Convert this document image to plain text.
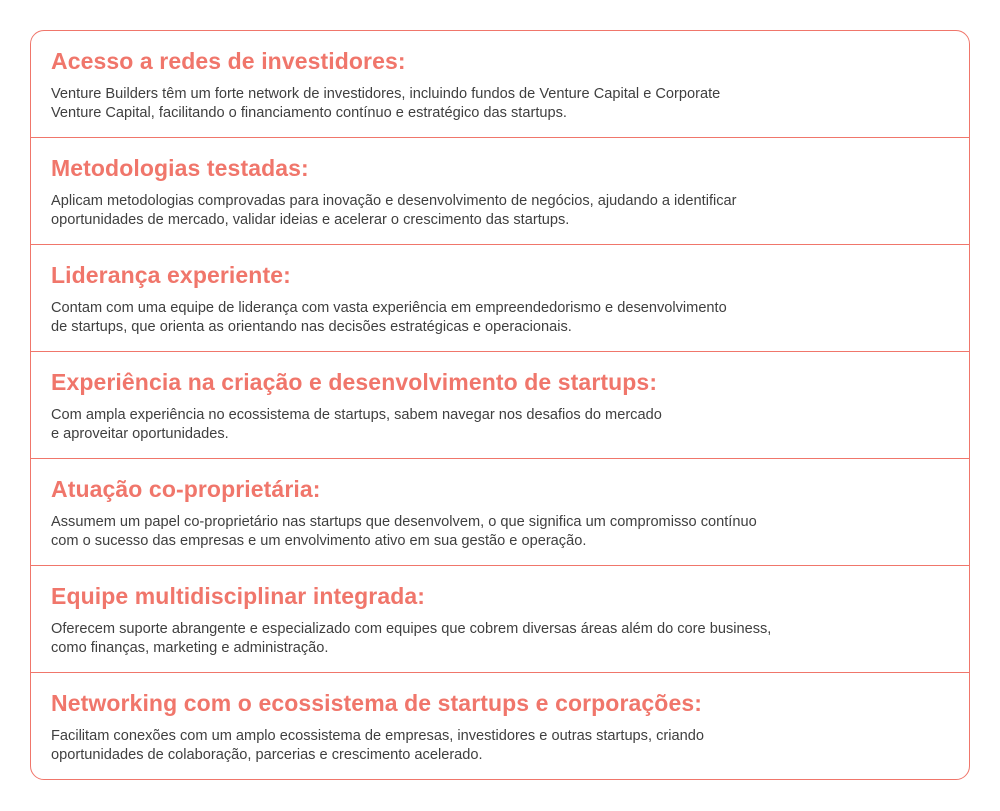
Acesso a redes de investidores:

Venture Builders têm um forte network de investidores, incluindo fundos de Venture Capital e Corporate
Venture Capital, facilitando o financiamento contínuo e estratégico das startups.

Metodologias testadas:

Aplicam metodologias comprovadas para inovação e desenvolvimento de negócios, ajudando a identificar
oportunidades de mercado, validar ideias e acelerar o crescimento das startups.

Liderança experiente:

Contam com uma equipe de liderança com vasta experiência em empreendedorismo e desenvolvimento
de startups, que orienta as orientando nas decisões estratégicas e operacionais.

Experiência na criação e desenvolvimento de startups:

Com ampla experiência no ecossistema de startups, sabem navegar nos desafios do mercado
e aproveitar oportunidades.

Atuação co-proprietária:

Assumem um papel co-proprietário nas startups que desenvolvem, o que significa um compromisso contínuo
com o sucesso das empresas e um envolvimento ativo em sua gestão e operação.

Equipe multidisciplinar integrada:

Oferecem suporte abrangente e especializado com equipes que cobrem diversas áreas além do core business,
como finanças, marketing e administração.

Networking com o ecossistema de startups e corporações:

Facilitam conexões com um amplo ecossistema de empresas, investidores e outras startups, criando
oportunidades de colaboração, parcerias e crescimento acelerado.
